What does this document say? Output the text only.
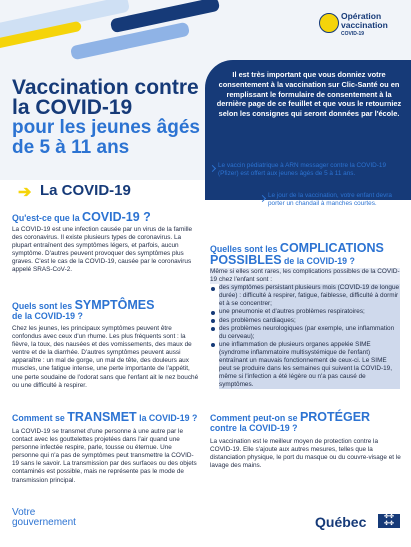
Opération vaccination
COVID-19
Il est très important que vous donniez votre consentement à la vaccination sur Clic-Santé ou en remplissant le formulaire de consentement à la dernière page de ce feuillet et que vous le retourniez selon les consignes qui seront données par l'école.
Vaccination contre la COVID-19
pour les jeunes âgés de 5 à 11 ans
Le vaccin pédiatrique à ARN messager contre la COVID-19 (Pfizer) est offert aux jeunes âgés de 5 à 11 ans.
Le jour de la vaccination, votre enfant devra porter un chandail à manches courtes.
➔ La COVID-19
Qu'est-ce que la COVID-19 ?
La COVID-19 est une infection causée par un virus de la famille des coronavirus. Il existe plusieurs types de coronavirus. La plupart entraînent des symptômes légers, et parfois, aucun symptôme. D'autres peuvent provoquer des symptômes plus graves. C'est le cas de la COVID-19, causée par le coronavirus appelé SRAS-CoV-2.
Quels sont les SYMPTÔMES
de la COVID-19 ?
Chez les jeunes, les principaux symptômes peuvent être confondus avec ceux d'un rhume. Les plus fréquents sont : la fièvre, la toux, des nausées et des vomissements, des maux de ventre et de la diarrhée. D'autres symptômes peuvent aussi apparaître : un mal de gorge, un mal de tête, des douleurs aux muscles, une fatigue intense, une perte importante de l'appétit, une perte soudaine de l'odorat sans que l'enfant ait le nez bouché ou une difficulté à respirer.
Comment se TRANSMET la COVID-19 ?
La COVID-19 se transmet d'une personne à une autre par le contact avec les gouttelettes projetées dans l'air quand une personne infectée respire, parle, tousse ou éternue. Une personne qui n'a pas de symptômes peut transmettre la COVID-19 sans le savoir. La transmission par des surfaces ou des objets contaminés est possible, mais ne représente pas le mode de transmission principal.
Quelles sont les COMPLICATIONS POSSIBLES de la COVID-19 ?
Même si elles sont rares, les complications possibles de la COVID-19 chez l'enfant sont :
des symptômes persistant plusieurs mois (COVID-19 de longue durée) : difficulté à respirer, fatigue, faiblesse, difficulté à dormir et à se concentrer;
une pneumonie et d'autres problèmes respiratoires;
des problèmes cardiaques;
des problèmes neurologiques (par exemple, une inflammation du cerveau);
une inflammation de plusieurs organes appelée SIME (syndrome inflammatoire multisystémique de l'enfant) entraînant un mauvais fonctionnement de ceux-ci. Le SIME peut se produire dans les semaines qui suivent la COVID-19, même si l'infection a été légère ou n'a pas causé de symptômes.
Comment peut-on se PROTÉGER
contre la COVID-19 ?
La vaccination est le meilleur moyen de protection contre la COVID-19. Elle s'ajoute aux autres mesures, telles que la distanciation physique, le port du masque ou du couvre-visage et le lavage des mains.
Votre gouvernement	Québec	✤✤
✤✤
